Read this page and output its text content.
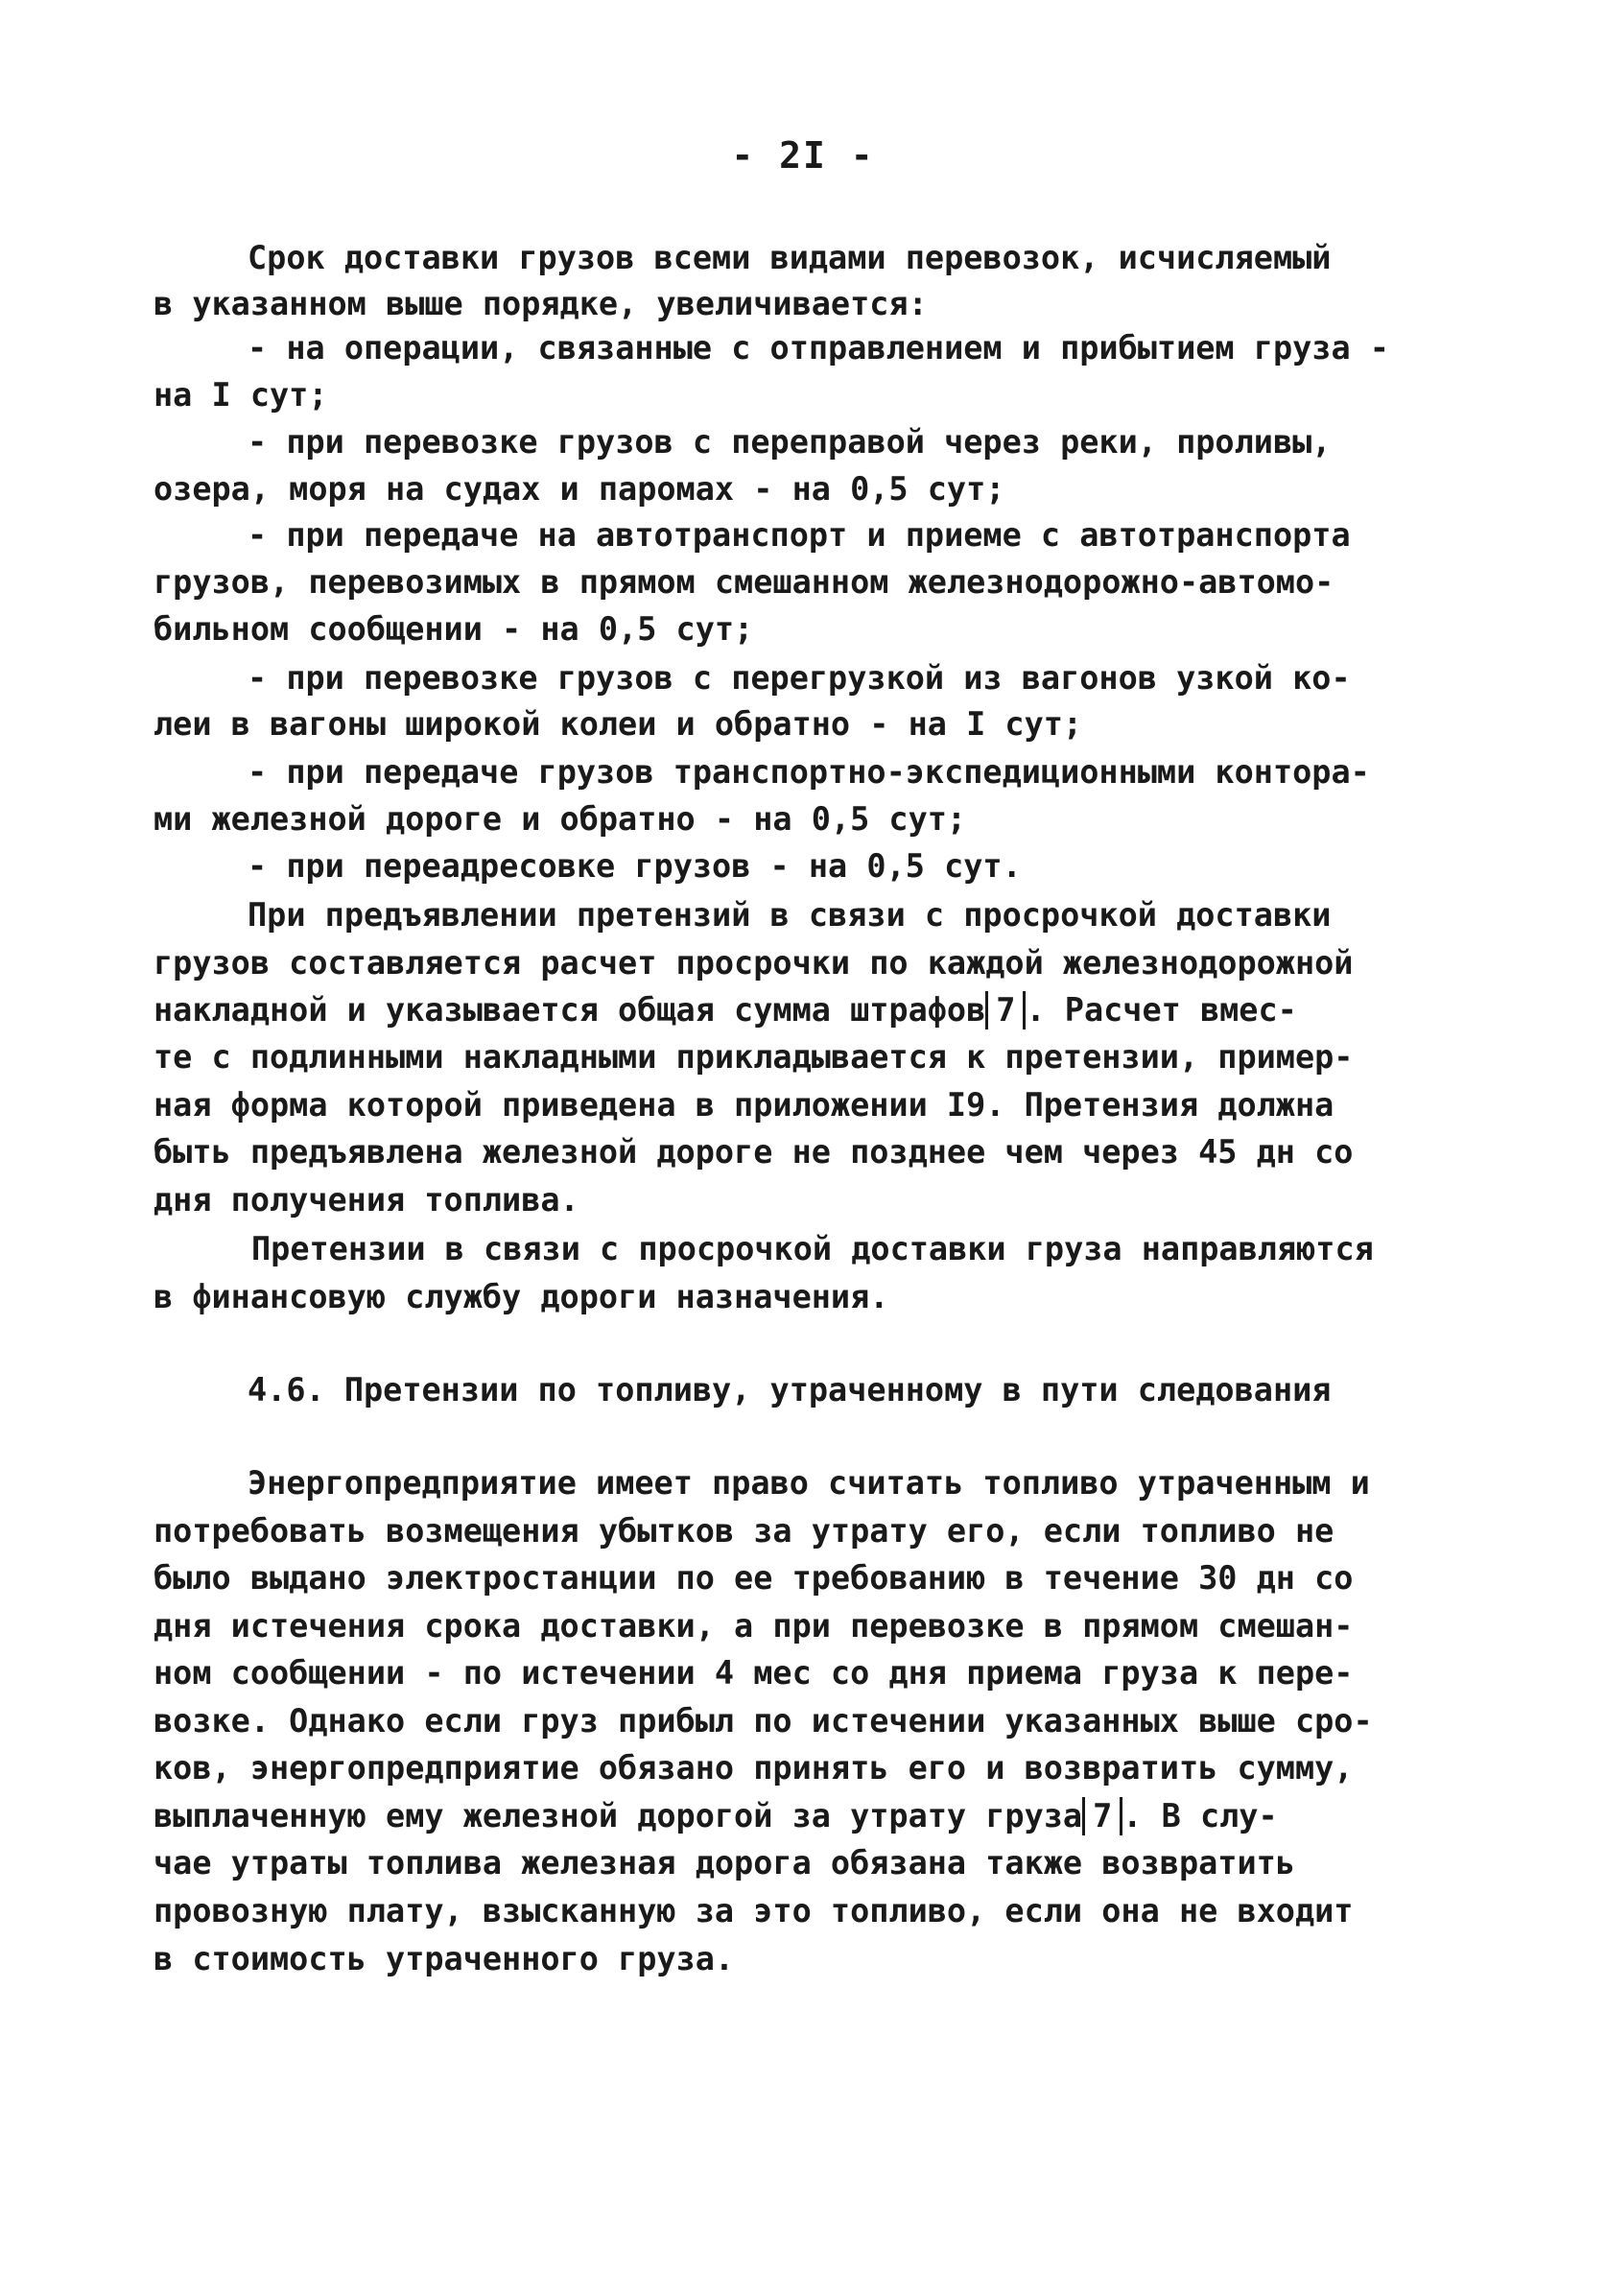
- 2I -
Срок доставки грузов всеми видами перевозок, исчисляемый
в указанном выше порядке, увеличивается:
- на операции, связанные с отправлением и прибытием груза -
на I сут;
- при перевозке грузов с переправой через реки, проливы,
озера, моря на судах и паромах - на 0,5 сут;
- при передаче на автотранспорт и приеме с автотранспорта
грузов, перевозимых в прямом смешанном железнодорожно-автомо-
бильном сообщении - на 0,5 сут;
- при перевозке грузов с перегрузкой из вагонов узкой ко-
леи в вагоны широкой колеи и обратно - на I сут;
- при передаче грузов транспортно-экспедиционными контора-
ми железной дороге и обратно - на 0,5 сут;
- при переадресовке грузов - на 0,5 сут.
При предъявлении претензий в связи с просрочкой доставки
грузов составляется расчет просрочки по каждой железнодорожной
накладной и указывается общая сумма штрафов 7 . Расчет вмес-
те с подлинными накладными прикладывается к претензии, пример-
ная форма которой приведена в приложении I9. Претензия должна
быть предъявлена железной дороге не позднее чем через 45 дн со
дня получения топлива.
Претензии в связи с просрочкой доставки груза направляются
в финансовую службу дороги назначения.
4.6. Претензии по топливу, утраченному в пути следования
Энергопредприятие имеет право считать топливо утраченным и
потребовать возмещения убытков за утрату его, если топливо не
было выдано электростанции по ее требованию в течение 30 дн со
дня истечения срока доставки, а при перевозке в прямом смешан-
ном сообщении - по истечении 4 мес со дня приема груза к пере-
возке. Однако если груз прибыл по истечении указанных выше сро-
ков, энергопредприятие обязано принять его и возвратить сумму,
выплаченную ему железной дорогой за утрату груза 7 . В слу-
чае утраты топлива железная дорога обязана также возвратить
провозную плату, взысканную за это топливо, если она не входит
в стоимость утраченного груза.
